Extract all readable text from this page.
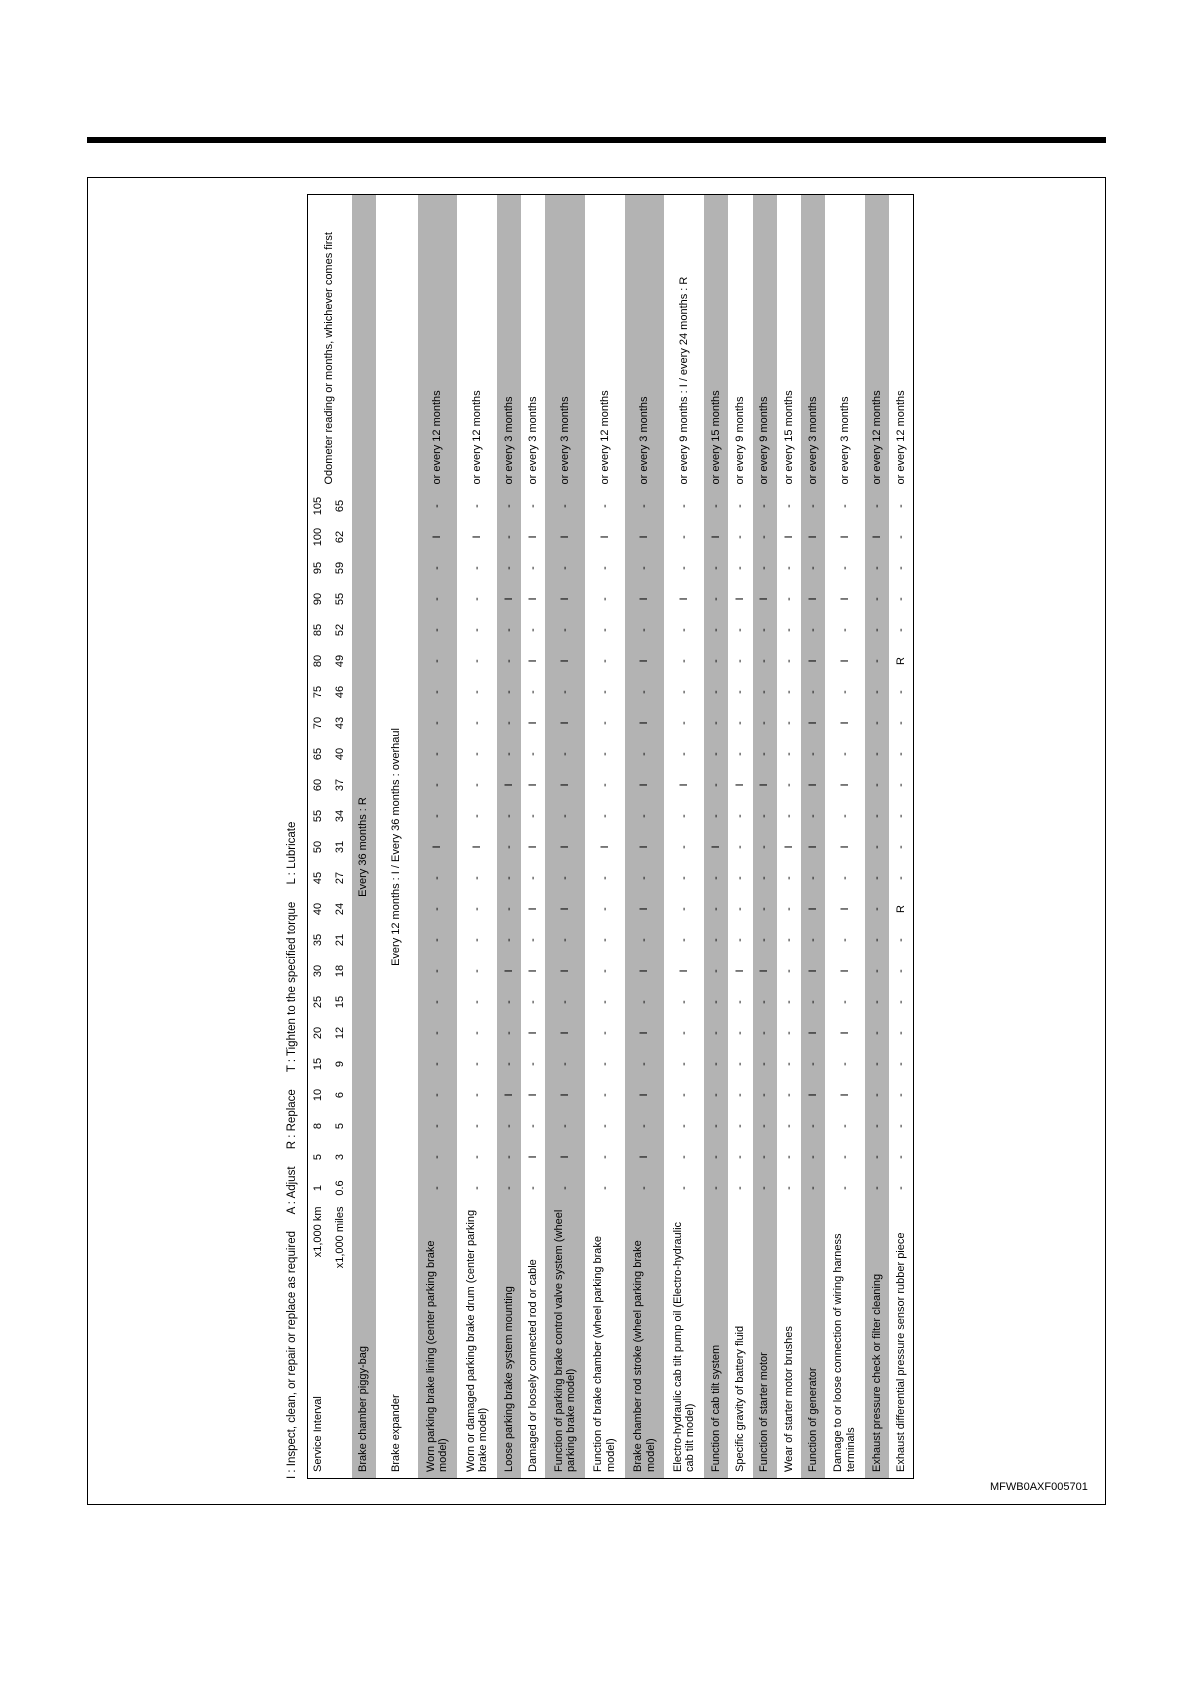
I : Inspect, clean, or repair or replace as required A : Adjust R : Replace T : Tighten to the specified torque L : Lubricate
Service Interval
x1,000 km	1	5	8	10	15	20	25	30	35	40	45	50	55	60	65	70	75	80	85	90	95	100	105	Odometer reading or months, whichever comes first
x1,000 miles	0.6	3	5	6	9	12	15	18	21	24	27	31	34	37	40	43	46	49	52	55	59	62	65	
Brake chamber piggy-bag	Every 36 months : R																							
Brake expander	Every 12 months : I / Every 36 months : overhaul																							
Worn parking brake lining (center parking brake model)	-	-	-	-	-	-	-	-	-	-	-	I	-	-	-	-	-	-	-	-	-	I	-	or every 12 months
Worn or damaged parking brake drum (center parking brake model)	-	-	-	-	-	-	-	-	-	-	-	I	-	-	-	-	-	-	-	-	-	I	-	or every 12 months
Loose parking brake system mounting	-	-	-	I	-	-	-	I	-	-	-	-	-	I	-	-	-	-	-	I	-	-	-	or every 3 months
Damaged or loosely connected rod or cable	-	I	-	I	-	I	-	I	-	I	-	I	-	I	-	I	-	I	-	I	-	I	-	or every 3 months
Function of parking brake control valve system (wheel parking brake model)	-	I	-	I	-	I	-	I	-	I	-	I	-	I	-	I	-	I	-	I	-	I	-	or every 3 months
Function of brake chamber (wheel parking brake model)	-	-	-	-	-	-	-	-	-	-	-	I	-	-	-	-	-	-	-	-	-	I	-	or every 12 months
Brake chamber rod stroke (wheel parking brake model)	-	I	-	I	-	I	-	I	-	I	-	I	-	I	-	I	-	I	-	I	-	I	-	or every 3 months
Electro-hydraulic cab tilt pump oil (Electro-hydraulic cab tilt model)	-	-	-	-	-	-	-	I	-	-	-	-	-	I	-	-	-	-	-	I	-	-	-	or every 9 months : I / every 24 months : R
Function of cab tilt system	-	-	-	-	-	-	-	-	-	-	-	I	-	-	-	-	-	-	-	-	-	I	-	or every 15 months
Specific gravity of battery fluid	-	-	-	-	-	-	-	I	-	-	-	-	-	I	-	-	-	-	-	I	-	-	-	or every 9 months
Function of starter motor	-	-	-	-	-	-	-	I	-	-	-	-	-	I	-	-	-	-	-	I	-	-	-	or every 9 months
Wear of starter motor brushes	-	-	-	-	-	-	-	-	-	-	-	I	-	-	-	-	-	-	-	-	-	I	-	or every 15 months
Function of generator	-	-	-	I	-	I	-	I	-	I	-	I	-	I	-	I	-	I	-	I	-	I	-	or every 3 months
Damage to or loose connection of wiring harness terminals	-	-	-	I	-	I	-	I	-	I	-	I	-	I	-	I	-	I	-	I	-	I	-	or every 3 months
Exhaust pressure check or filter cleaning	-	-	-	-	-	-	-	-	-	-	-	-	-	-	-	-	-	-	-	-	-	I	-	or every 12 months
Exhaust differential pressure sensor rubber piece	-	-	-	-	-	-	-	-	-	R	-	-	-	-	-	-	-	R	-	-	-	-	-	or every 12 months
MFWB0AXF005701
